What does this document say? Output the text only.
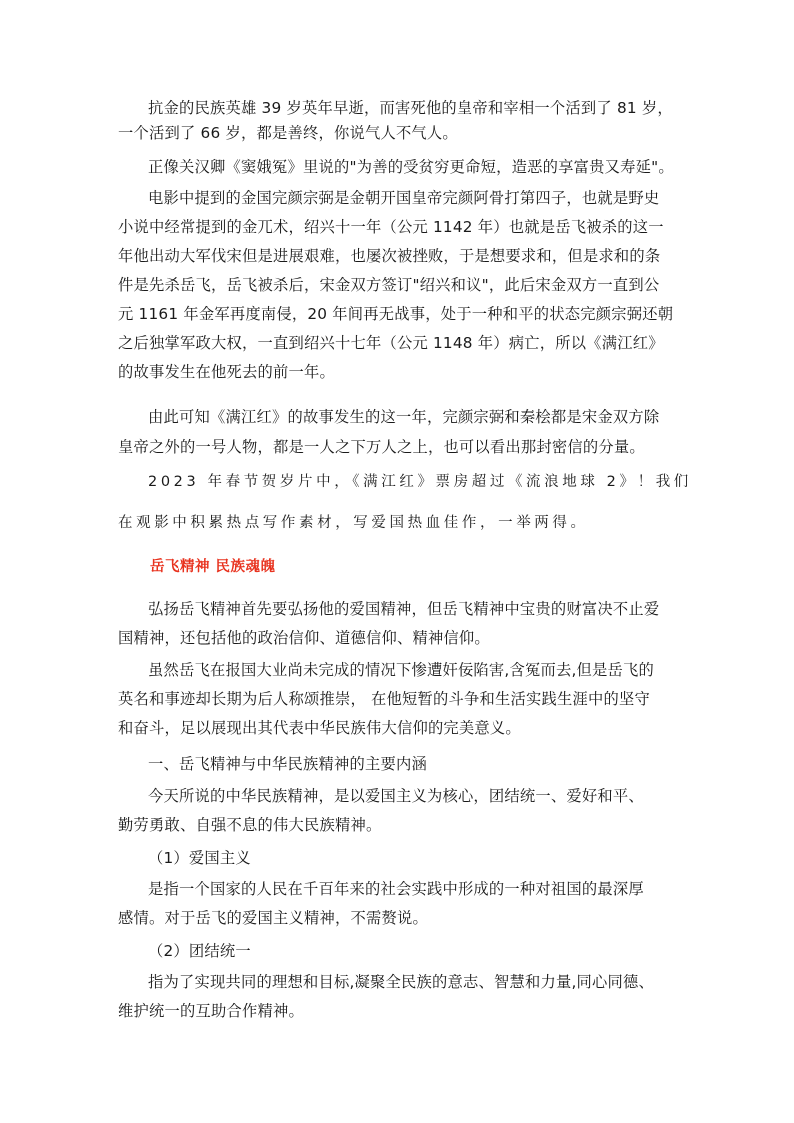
抗金的民族英雄 39 岁英年早逝，而害死他的皇帝和宰相一个活到了 81 岁，
一个活到了 66 岁，都是善终，你说气人不气人。
正像关汉卿《窦娥冤》里说的"为善的受贫穷更命短，造恶的享富贵又寿延"。
电影中提到的金国完颜宗弼是金朝开国皇帝完颜阿骨打第四子，也就是野史
小说中经常提到的金兀术，绍兴十一年（公元 1142 年）也就是岳飞被杀的这一
年他出动大军伐宋但是进展艰难，也屡次被挫败，于是想要求和，但是求和的条
件是先杀岳飞，岳飞被杀后，宋金双方签订"绍兴和议"，此后宋金双方一直到公
元 1161 年金军再度南侵，20 年间再无战事，处于一种和平的状态完颜宗弼还朝
之后独掌军政大权，一直到绍兴十七年（公元 1148 年）病亡，所以《满江红》
的故事发生在他死去的前一年。
由此可知《满江红》的故事发生的这一年，完颜宗弼和秦桧都是宋金双方除
皇帝之外的一号人物，都是一人之下万人之上，也可以看出那封密信的分量。
2023 年春节贺岁片中，《满江红》票房超过《流浪地球 2》！我们
在观影中积累热点写作素材，写爱国热血佳作，一举两得。
岳飞精神 民族魂魄
弘扬岳飞精神首先要弘扬他的爱国精神，但岳飞精神中宝贵的财富决不止爱
国精神，还包括他的政治信仰、道德信仰、精神信仰。
虽然岳飞在报国大业尚未完成的情况下惨遭奸佞陷害,含冤而去,但是岳飞的
英名和事迹却长期为后人称颂推崇， 在他短暂的斗争和生活实践生涯中的坚守
和奋斗，足以展现出其代表中华民族伟大信仰的完美意义。
一、岳飞精神与中华民族精神的主要内涵
今天所说的中华民族精神，是以爱国主义为核心，团结统一、爱好和平、
勤劳勇敢、自强不息的伟大民族精神。
（1）爱国主义
是指一个国家的人民在千百年来的社会实践中形成的一种对祖国的最深厚
感情。对于岳飞的爱国主义精神，不需赘说。
（2）团结统一
指为了实现共同的理想和目标,凝聚全民族的意志、智慧和力量,同心同德、
维护统一的互助合作精神。
